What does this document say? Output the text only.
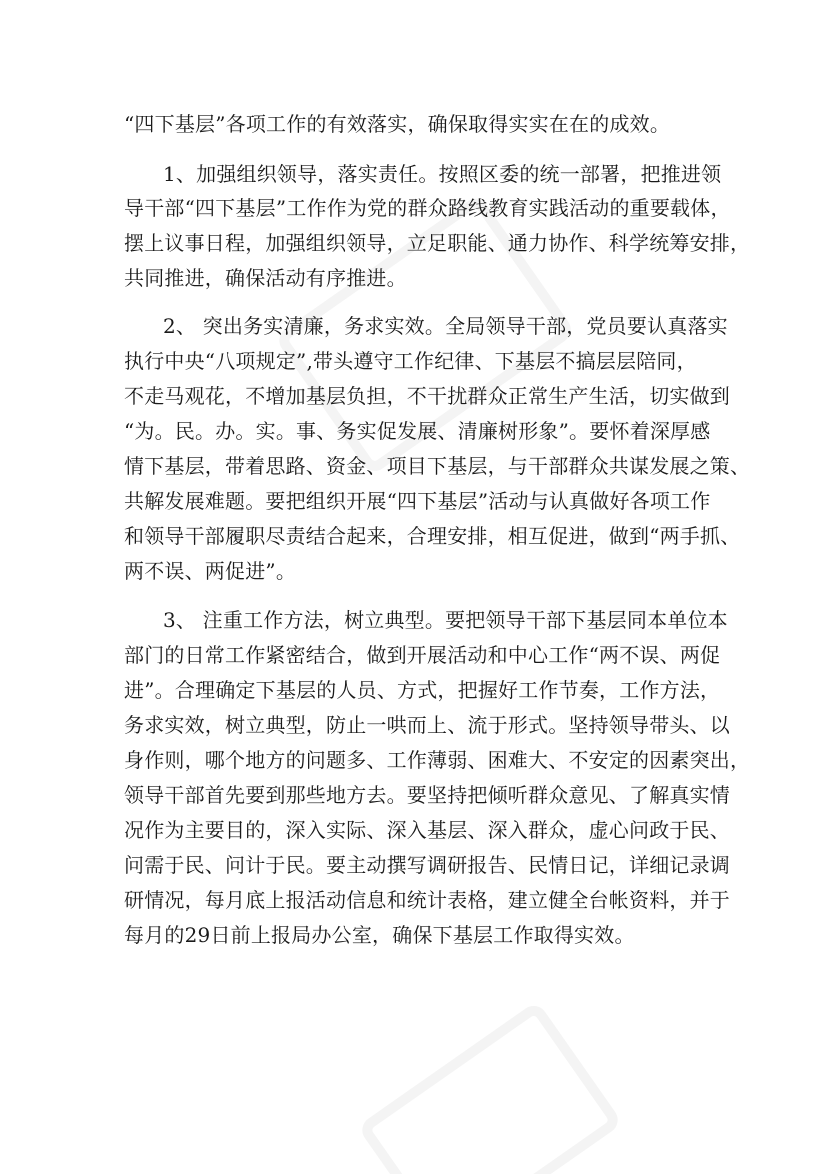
“四下基层”各项工作的有效落实，确保取得实实在在的成效。
1、加强组织领导，落实责任。按照区委的统一部署，把推进领
导干部“四下基层”工作作为党的群众路线教育实践活动的重要载体，
摆上议事日程，加强组织领导，立足职能、通力协作、科学统筹安排，
共同推进，确保活动有序推进。
2、 突出务实清廉，务求实效。全局领导干部，党员要认真落实
执行中央“八项规定”,带头遵守工作纪律、下基层不搞层层陪同，
不走马观花，不增加基层负担，不干扰群众正常生产生活，切实做到
“为。民。办。实。事、务实促发展、清廉树形象”。要怀着深厚感
情下基层，带着思路、资金、项目下基层，与干部群众共谋发展之策、
共解发展难题。要把组织开展“四下基层”活动与认真做好各项工作
和领导干部履职尽责结合起来，合理安排，相互促进，做到“两手抓、
两不误、两促进”。
3、 注重工作方法，树立典型。要把领导干部下基层同本单位本
部门的日常工作紧密结合，做到开展活动和中心工作“两不误、两促
进”。合理确定下基层的人员、方式，把握好工作节奏，工作方法，
务求实效，树立典型，防止一哄而上、流于形式。坚持领导带头、以
身作则，哪个地方的问题多、工作薄弱、困难大、不安定的因素突出，
领导干部首先要到那些地方去。要坚持把倾听群众意见、了解真实情
况作为主要目的，深入实际、深入基层、深入群众，虚心问政于民、
问需于民、问计于民。要主动撰写调研报告、民情日记，详细记录调
研情况，每月底上报活动信息和统计表格，建立健全台帐资料，并于
每月的29日前上报局办公室，确保下基层工作取得实效。
